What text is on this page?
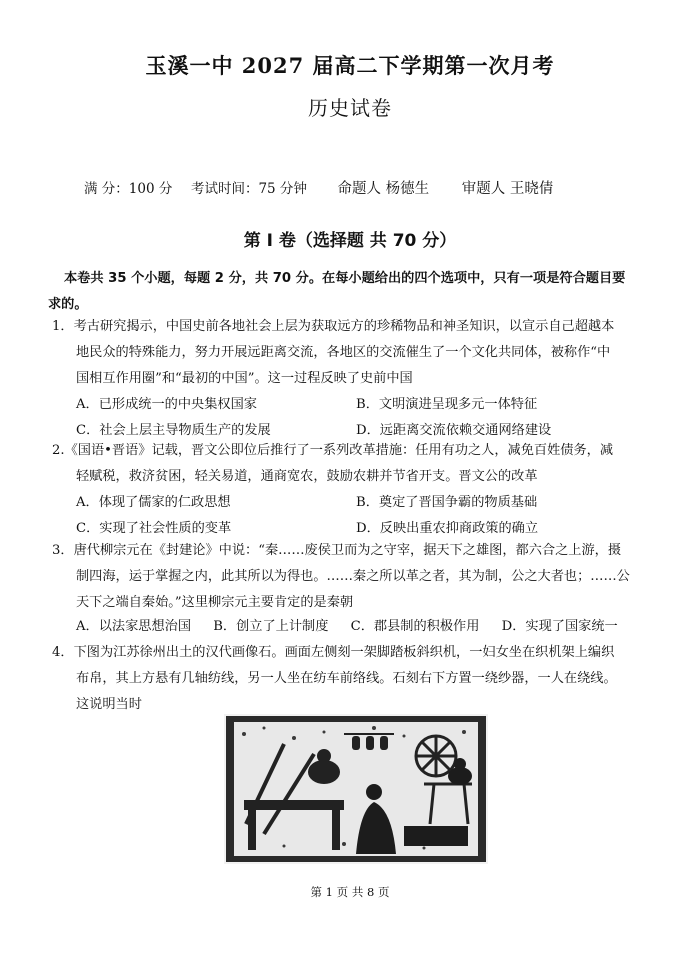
玉溪一中 2027 届高二下学期第一次月考
历史试卷
满 分：100 分 考试时间：75 分钟 命题人 杨德生 审题人 王晓倩
第 Ⅰ 卷（选择题 共 70 分）
本卷共 35 个小题，每题 2 分，共 70 分。在每小题给出的四个选项中，只有一项是符合题目要
求的。
1．考古研究揭示，中国史前各地社会上层为获取远方的珍稀物品和神圣知识，以宣示自己超越本
地民众的特殊能力，努力开展远距离交流，各地区的交流催生了一个文化共同体，被称作“中
国相互作用圈”和“最初的中国”。这一过程反映了史前中国
A．已形成统一的中央集权国家	B．文明演进呈现多元一体特征
C．社会上层主导物质生产的发展	D．远距离交流依赖交通网络建设
2.《国语•晋语》记载，晋文公即位后推行了一系列改革措施：任用有功之人，减免百姓债务，减
轻赋税，救济贫困，轻关易道，通商宽农，鼓励农耕并节省开支。晋文公的改革
A．体现了儒家的仁政思想	B．奠定了晋国争霸的物质基础
C．实现了社会性质的变革	D．反映出重农抑商政策的确立
3．唐代柳宗元在《封建论》中说：“秦……废侯卫而为之守宰，据天下之雄图，都六合之上游，摄
制四海，运于掌握之内，此其所以为得也。……秦之所以革之者，其为制，公之大者也；……公
天下之端自秦始。”这里柳宗元主要肯定的是秦朝
A．以法家思想治国 B．创立了上计制度 C．郡县制的积极作用 D．实现了国家统一
4．下图为江苏徐州出土的汉代画像石。画面左侧刻一架脚踏板斜织机，一妇女坐在织机架上编织
布帛，其上方悬有几轴纺线，另一人坐在纺车前络线。石刻右下方置一绕纱器，一人在绕线。
这说明当时
第 1 页 共 8 页
